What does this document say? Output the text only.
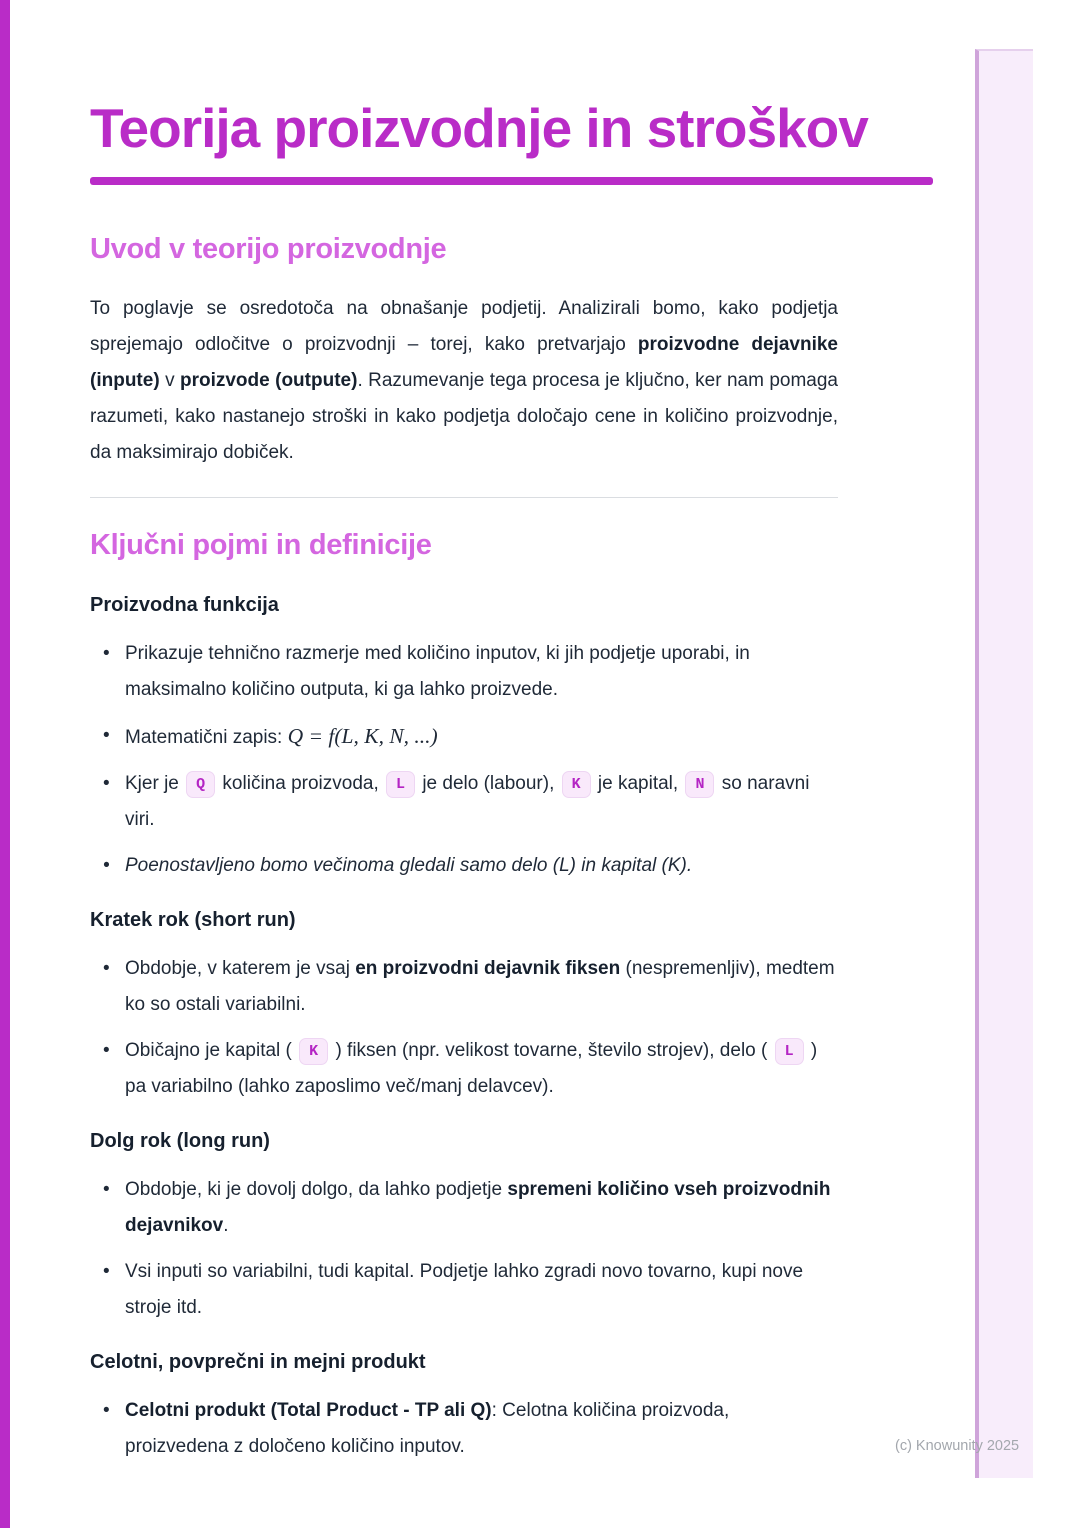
Teorija proizvodnje in stroškov
Uvod v teorijo proizvodnje

To poglavje se osredotoča na obnašanje podjetij. Analizirali bomo, kako podjetja sprejemajo odločitve o proizvodnji – torej, kako pretvarjajo proizvodne dejavnike (inpute) v proizvode (outpute). Razumevanje tega procesa je ključno, ker nam pomaga razumeti, kako nastanejo stroški in kako podjetja določajo cene in količino proizvodnje, da maksimirajo dobiček.

Ključni pojmi in definicije
Proizvodna funkcija
• Prikazuje tehnično razmerje med količino inputov, ki jih podjetje uporabi, in maksimalno količino outputa, ki ga lahko proizvede.
• Matematični zapis: Q = f(L, K, N, ...)
• Kjer je Q količina proizvoda, L je delo (labour), K je kapital, N so naravni viri.
• Poenostavljeno bomo večinoma gledali samo delo (L) in kapital (K).
Kratek rok (short run)
• Obdobje, v katerem je vsaj en proizvodni dejavnik fiksen (nespremenljiv), medtem ko so ostali variabilni.
• Običajno je kapital ( K ) fiksen (npr. velikost tovarne, število strojev), delo ( L ) pa variabilno (lahko zaposlimo več/manj delavcev).
Dolg rok (long run)
• Obdobje, ki je dovolj dolgo, da lahko podjetje spremeni količino vseh proizvodnih dejavnikov.
• Vsi inputi so variabilni, tudi kapital. Podjetje lahko zgradi novo tovarno, kupi nove stroje itd.
Celotni, povprečni in mejni produkt
• Celotni produkt (Total Product - TP ali Q): Celotna količina proizvoda, proizvedena z določeno količino inputov.	(c) Knowunity 2025
